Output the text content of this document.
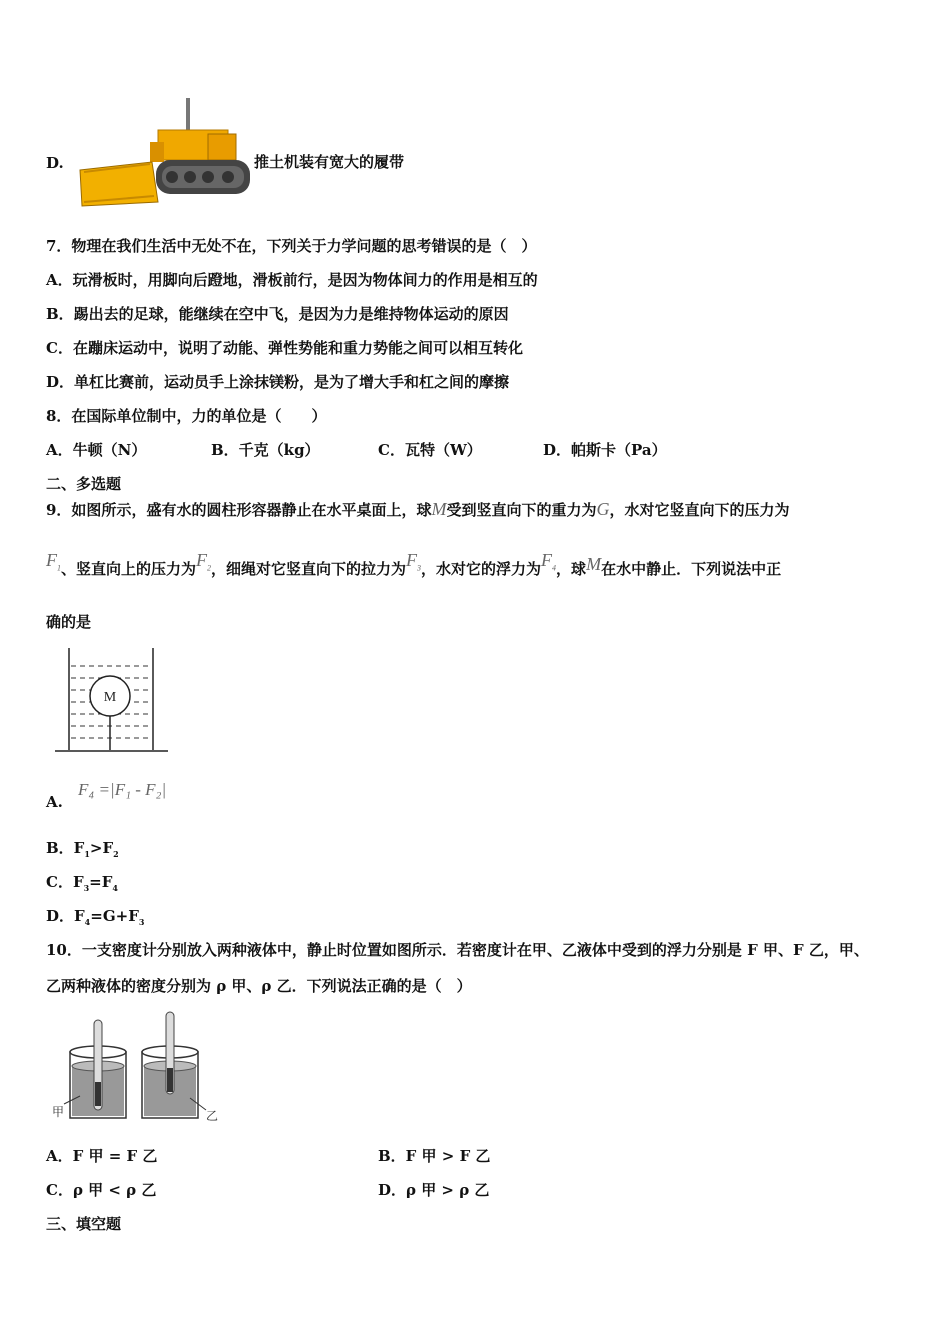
D.	推土机装有宽大的履带
7．物理在我们生活中无处不在，下列关于力学问题的思考错误的是（　）
A．玩滑板时，用脚向后蹬地，滑板前行，是因为物体间力的作用是相互的
B．踢出去的足球，能继续在空中飞，是因为力是维持物体运动的原因
C．在蹦床运动中，说明了动能、弹性势能和重力势能之间可以相互转化
D．单杠比赛前，运动员手上涂抹镁粉，是为了增大手和杠之间的摩擦
8．在国际单位制中，力的单位是（　　）
A．牛顿（N）	B．千克（kg）	C．瓦特（W）	D．帕斯卡（Pa）
二、多选题
9．如图所示，盛有水的圆柱形容器静止在水平桌面上，球M受到竖直向下的重力为G，水对它竖直向下的压力为
$F_1$、竖直向上的压力为$F_2$，细绳对它竖直向下的拉力为$F_3$，水对它的浮力为$F_4$，球M在水中静止．下列说法中正
确的是
M
A.
F₄ =|F₁ - F₂|
B．$F_1>F_2$
C．$F_3=F_4$
D．$F_4=G+F_3$
10．一支密度计分别放入两种液体中，静止时位置如图所示．若密度计在甲、乙液体中受到的浮力分别是 F 甲、F 乙，甲、
乙两种液体的密度分别为 ρ 甲、ρ 乙．下列说法正确的是（　）
甲	乙
A．F 甲 = F 乙	B．F 甲 > F 乙
C．ρ 甲 < ρ 乙	D．ρ 甲 > ρ 乙
三、填空题
